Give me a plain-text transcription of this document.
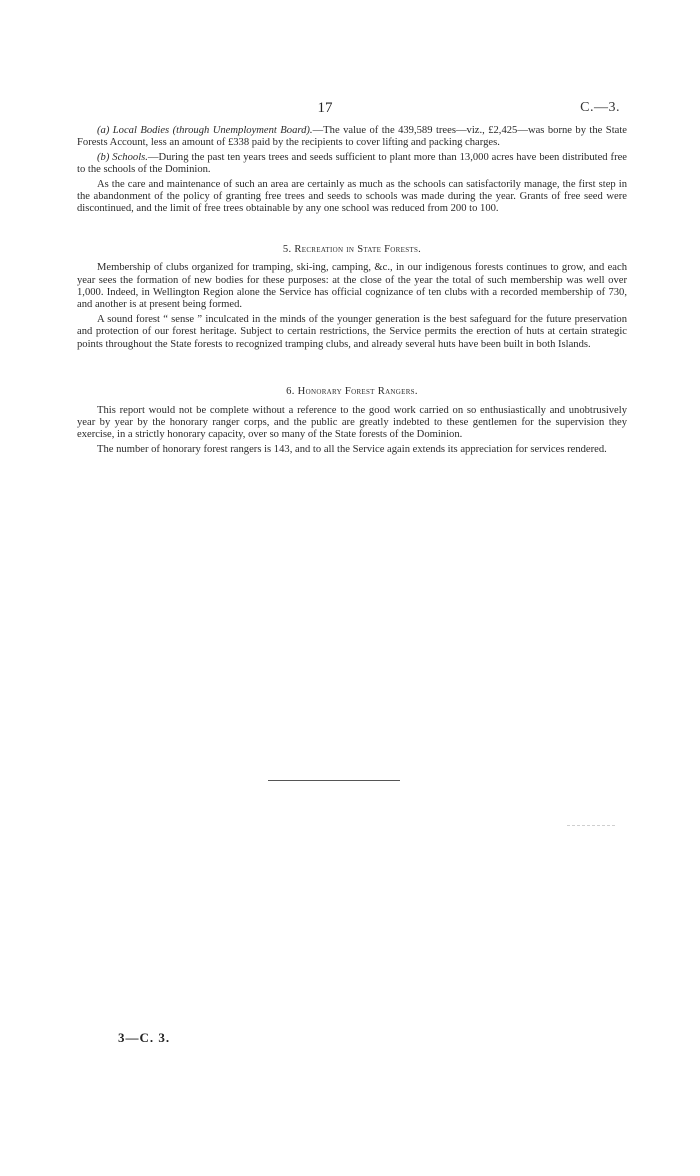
17	C.—3.

(a) Local Bodies (through Unemployment Board).—The value of the 439,589 trees—viz., £2,425—was borne by the State Forests Account, less an amount of £338 paid by the recipients to cover lifting and packing charges.

(b) Schools.—During the past ten years trees and seeds sufficient to plant more than 13,000 acres have been distributed free to the schools of the Dominion.

As the care and maintenance of such an area are certainly as much as the schools can satisfactorily manage, the first step in the abandonment of the policy of granting free trees and seeds to schools was made during the year. Grants of free seed were discontinued, and the limit of free trees obtainable by any one school was reduced from 200 to 100.

5. Recreation in State Forests.

Membership of clubs organized for tramping, ski-ing, camping, &c., in our indigenous forests continues to grow, and each year sees the formation of new bodies for these purposes: at the close of the year the total of such membership was well over 1,000. Indeed, in Wellington Region alone the Service has official cognizance of ten clubs with a recorded membership of 730, and another is at present being formed.

A sound forest “ sense ” inculcated in the minds of the younger generation is the best safeguard for the future preservation and protection of our forest heritage. Subject to certain restrictions, the Service permits the erection of huts at certain strategic points throughout the State forests to recognized tramping clubs, and already several huts have been built in both Islands.

6. Honorary Forest Rangers.

This report would not be complete without a reference to the good work carried on so enthusiastically and unobtrusively year by year by the honorary ranger corps, and the public are greatly indebted to these gentlemen for the supervision they exercise, in a strictly honorary capacity, over so many of the State forests of the Dominion.

The number of honorary forest rangers is 143, and to all the Service again extends its appreciation for services rendered.

3—C. 3.
